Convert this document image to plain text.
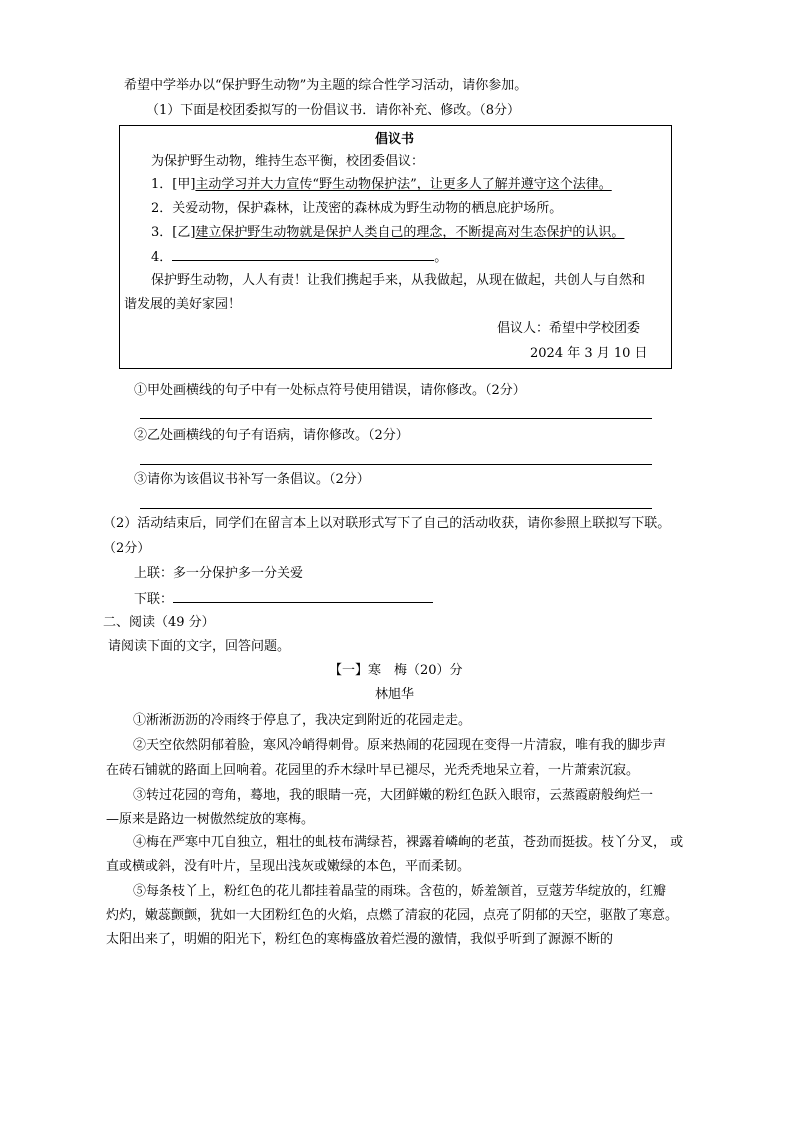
希望中学举办以“保护野生动物”为主题的综合性学习活动，请你参加。
（1）下面是校团委拟写的一份倡议书．请你补充、修改。（8分）
倡议书
为保护野生动物，维持生态平衡，校团委倡议：
1．[甲]主动学习并大力宣传“野生动物保护法”，让更多人了解并遵守这个法律。
2．关爱动物，保护森林，让茂密的森林成为野生动物的栖息庇护场所。
3．[乙]建立保护野生动物就是保护人类自己的理念，不断提高对生态保护的认识。
4．	。
保护野生动物，人人有责！让我们携起手来，从我做起，从现在做起，共创人与自然和
谐发展的美好家园！
倡议人：希望中学校团委
2024 年 3 月 10 日
①甲处画横线的句子中有一处标点符号使用错误，请你修改。（2分）
②乙处画横线的句子有语病，请你修改。（2分）
③请你为该倡议书补写一条倡议。（2分）
（2）活动结束后，同学们在留言本上以对联形式写下了自己的活动收获，请你参照上联拟写下联。
（2分）
上联：多一分保护多一分关爱
下联：
二、阅读（49 分）
请阅读下面的文字，回答问题。
【一】寒　梅（20）分
林旭华
①淅淅沥沥的冷雨终于停息了，我决定到附近的花园走走。
②天空依然阴郁着脸，寒风冷峭得刺骨。原来热闹的花园现在变得一片清寂，唯有我的脚步声
在砖石铺就的路面上回响着。花园里的乔木绿叶早已褪尽，光秃秃地呆立着，一片萧索沉寂。
③转过花园的弯角，蓦地，我的眼睛一亮，大团鲜嫩的粉红色跃入眼帘，云蒸霞蔚般绚烂一
—原来是路边一树傲然绽放的寒梅。
④梅在严寒中兀自独立，粗壮的虬枝布满绿苔，裸露着嶙峋的老茧，苍劲而挺拔。枝丫分叉， 或
直或横或斜，没有叶片，呈现出浅灰或嫩绿的本色，平而柔韧。
⑤每条枝丫上，粉红色的花儿都挂着晶莹的雨珠。含苞的，娇羞颔首，豆蔻芳华绽放的，红瓣
灼灼，嫩蕊颤颤，犹如一大团粉红色的火焰，点燃了清寂的花园，点亮了阴郁的天空，驱散了寒意。
太阳出来了，明媚的阳光下，粉红色的寒梅盛放着烂漫的激情，我似乎听到了源源不断的
